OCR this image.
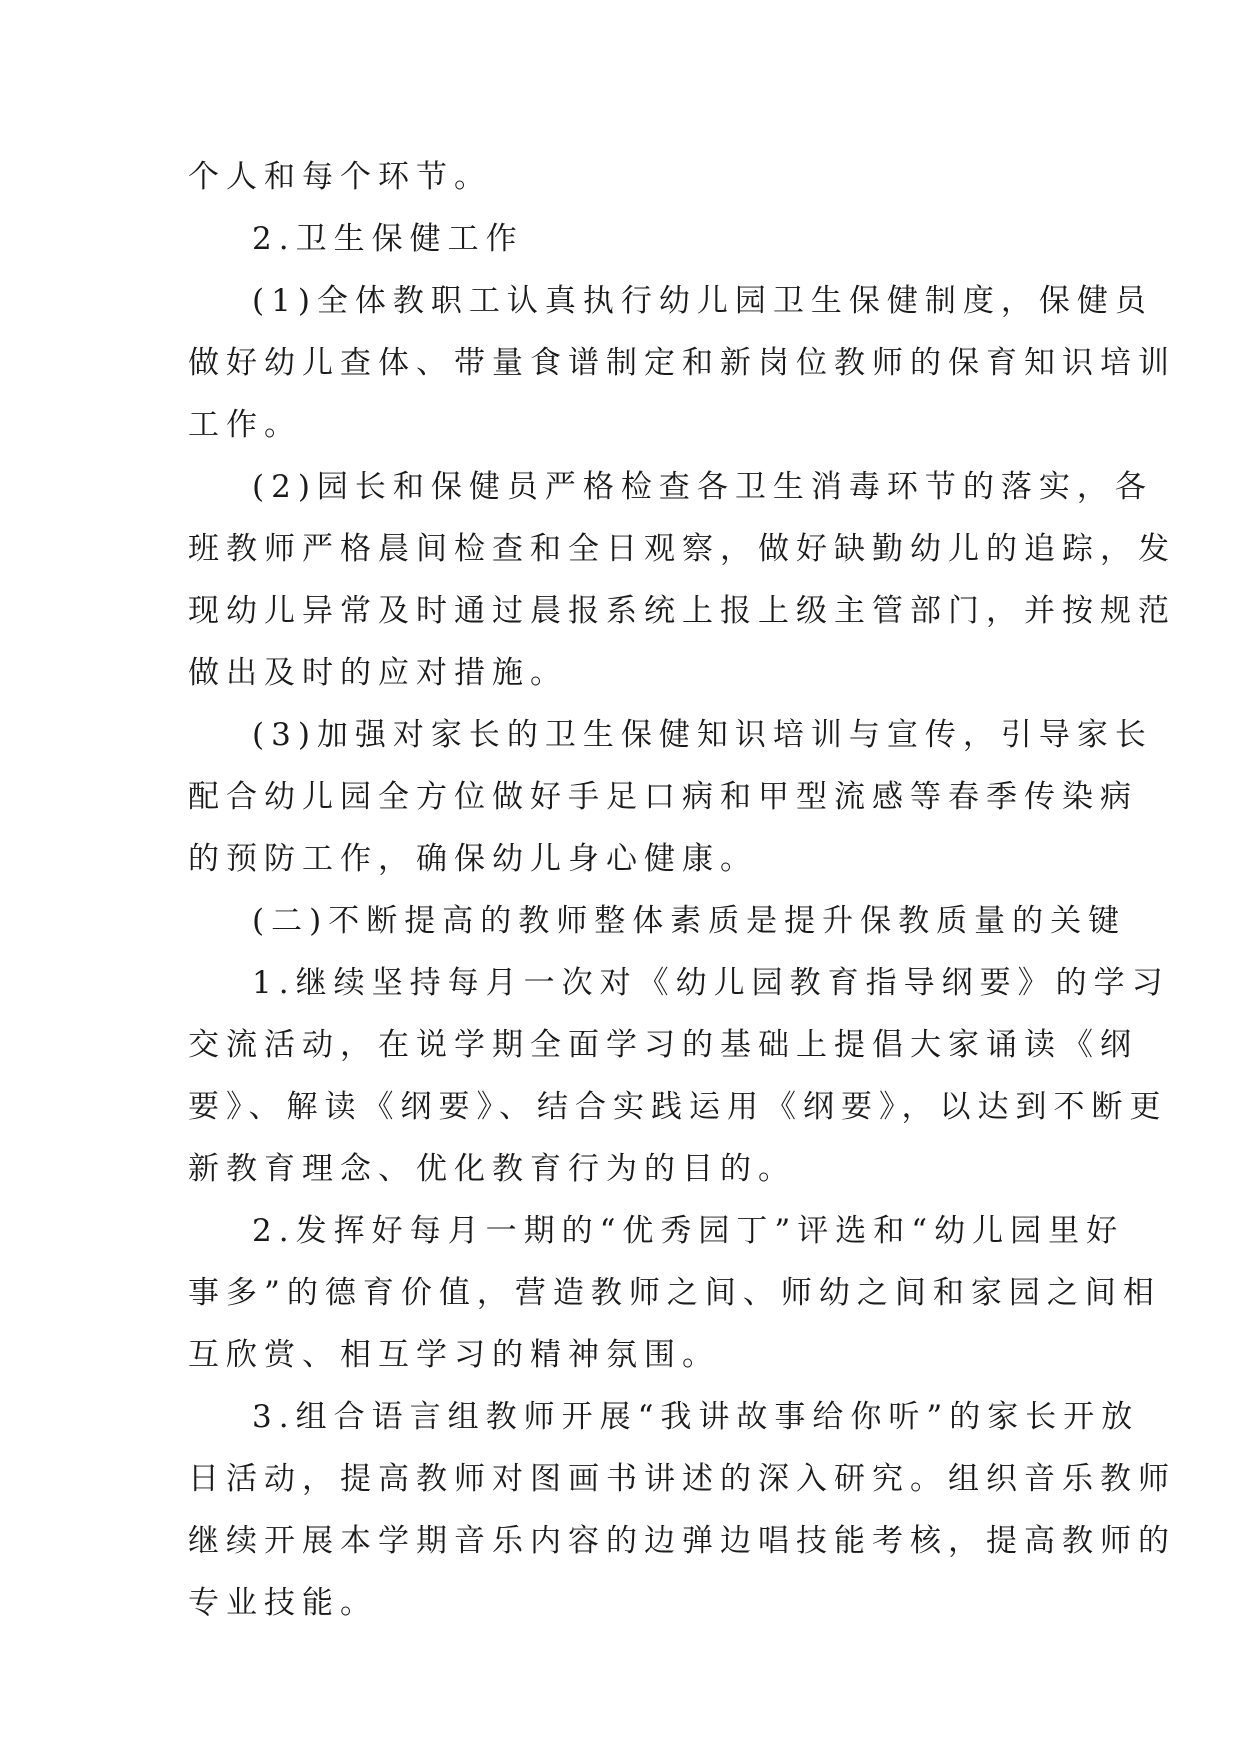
个人和每个环节。
2.卫生保健工作
(1)全体教职工认真执行幼儿园卫生保健制度，保健员
做好幼儿查体、带量食谱制定和新岗位教师的保育知识培训
工作。
(2)园长和保健员严格检查各卫生消毒环节的落实，各
班教师严格晨间检查和全日观察，做好缺勤幼儿的追踪，发
现幼儿异常及时通过晨报系统上报上级主管部门，并按规范
做出及时的应对措施。
(3)加强对家长的卫生保健知识培训与宣传，引导家长
配合幼儿园全方位做好手足口病和甲型流感等春季传染病
的预防工作，确保幼儿身心健康。
(二)不断提高的教师整体素质是提升保教质量的关键
1.继续坚持每月一次对《幼儿园教育指导纲要》的学习
交流活动，在说学期全面学习的基础上提倡大家诵读《纲
要》、解读《纲要》、结合实践运用《纲要》，以达到不断更
新教育理念、优化教育行为的目的。
2.发挥好每月一期的“优秀园丁”评选和“幼儿园里好
事多”的德育价值，营造教师之间、师幼之间和家园之间相
互欣赏、相互学习的精神氛围。
3.组合语言组教师开展“我讲故事给你听”的家长开放
日活动，提高教师对图画书讲述的深入研究。组织音乐教师
继续开展本学期音乐内容的边弹边唱技能考核，提高教师的
专业技能。
